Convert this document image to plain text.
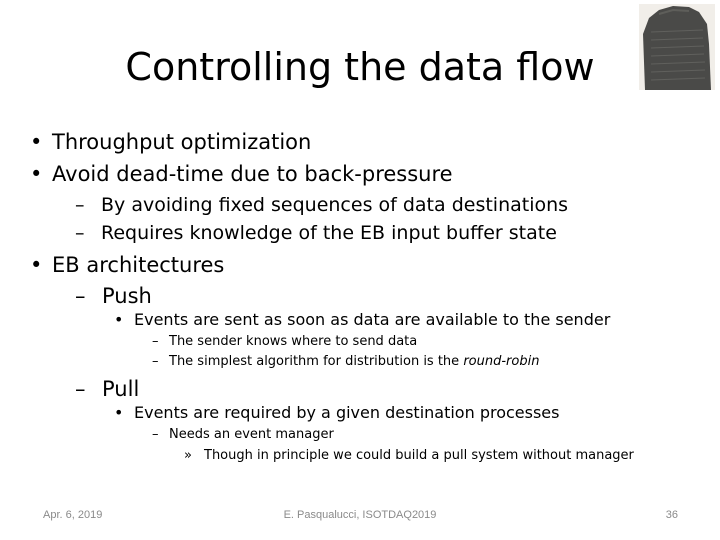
Controlling the data flow
• Throughput optimization
• Avoid dead-time due to back-pressure
– By avoiding fixed sequences of data destinations
– Requires knowledge of the EB input buffer state
• EB architectures
– Push
• Events are sent as soon as data are available to the sender
– The sender knows where to send data
– The simplest algorithm for distribution is the round-robin
– Pull
• Events are required by a given destination processes
– Needs an event manager
» Though in principle we could build a pull system without manager
Apr. 6, 2019	E. Pasqualucci, ISOTDAQ2019	36
